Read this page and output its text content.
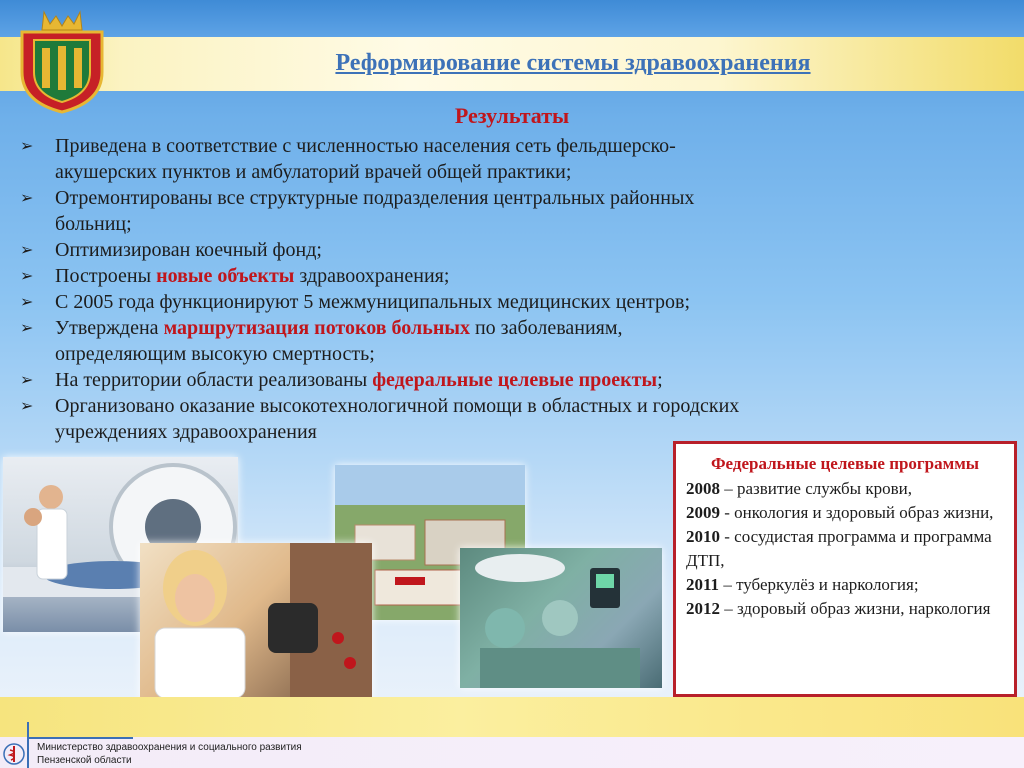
Реформирование системы здравоохранения
Результаты
➢	Приведена в соответствие с численностью населения сеть фельдшерско-
акушерских пунктов и амбулаторий врачей общей практики;
➢	Отремонтированы все структурные подразделения центральных районных
больниц;
➢	Оптимизирован коечный фонд;
➢	Построены новые объекты здравоохранения;
➢	С 2005 года функционируют 5 межмуниципальных медицинских центров;
➢	Утверждена маршрутизация потоков больных по заболеваниям,
определяющим высокую смертность;
➢	На территории области реализованы федеральные целевые проекты;
➢	Организовано оказание высокотехнологичной помощи в областных и городских
учреждениях здравоохранения
Федеральные целевые программы
2008 – развитие службы крови,
2009 - онкология и здоровый образ жизни,
2010 - сосудистая программа и программа ДТП,
2011 – туберкулёз и наркология;
2012 – здоровый образ жизни, наркология
Министерство здравоохранения и социального развития
Пензенской области
